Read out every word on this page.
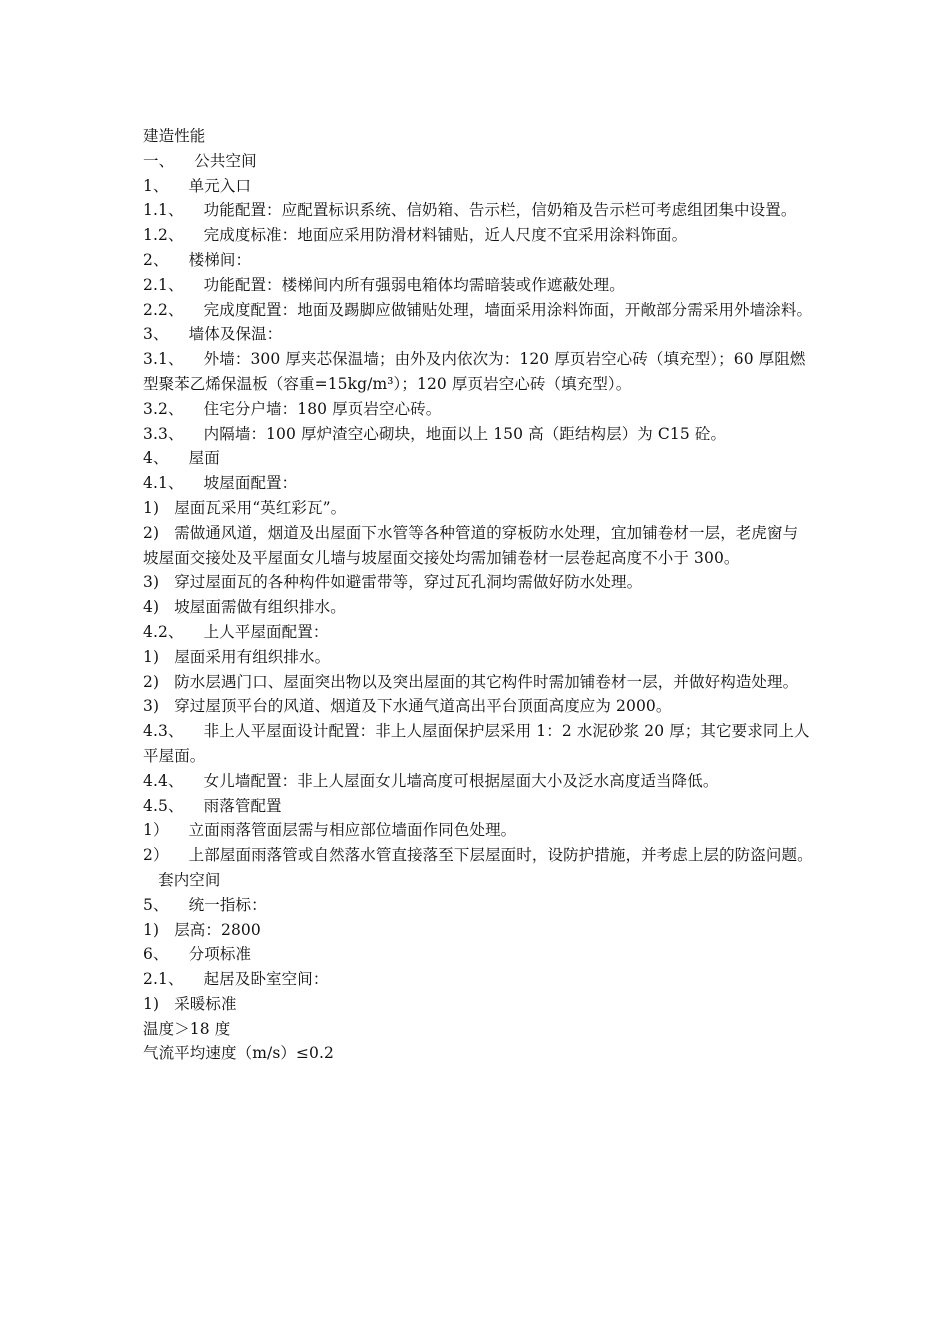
建造性能
一、    公共空间
1、    单元入口
1.1、    功能配置：应配置标识系统、信奶箱、告示栏，信奶箱及告示栏可考虑组团集中设置。
1.2、    完成度标准：地面应采用防滑材料铺贴，近人尺度不宜采用涂料饰面。
2、    楼梯间：
2.1、    功能配置：楼梯间内所有强弱电箱体均需暗装或作遮蔽处理。
2.2、    完成度配置：地面及踢脚应做铺贴处理，墙面采用涂料饰面，开敞部分需采用外墙涂料。
3、    墙体及保温：
3.1、    外墙：300 厚夹芯保温墙；由外及内依次为：120 厚页岩空心砖（填充型）；60 厚阻燃型聚苯乙烯保温板（容重=15kg/m³）；120 厚页岩空心砖（填充型）。
3.2、    住宅分户墙：180 厚页岩空心砖。
3.3、    内隔墙：100 厚炉渣空心砌块，地面以上 150 高（距结构层）为 C15 砼。
4、    屋面
4.1、    坡屋面配置：
1)   屋面瓦采用“英红彩瓦”。
2)   需做通风道，烟道及出屋面下水管等各种管道的穿板防水处理，宜加铺卷材一层，老虎窗与坡屋面交接处及平屋面女儿墙与坡屋面交接处均需加铺卷材一层卷起高度不小于 300。
3)   穿过屋面瓦的各种构件如避雷带等，穿过瓦孔洞均需做好防水处理。
4)   坡屋面需做有组织排水。
4.2、    上人平屋面配置：
1)   屋面采用有组织排水。
2)   防水层遇门口、屋面突出物以及突出屋面的其它构件时需加铺卷材一层，并做好构造处理。
3)   穿过屋顶平台的风道、烟道及下水通气道高出平台顶面高度应为 2000。
4.3、    非上人平屋面设计配置：非上人屋面保护层采用 1：2 水泥砂浆 20 厚；其它要求同上人平屋面。
4.4、    女儿墙配置：非上人屋面女儿墙高度可根据屋面大小及泛水高度适当降低。
4.5、    雨落管配置
1）    立面雨落管面层需与相应部位墙面作同色处理。
2）    上部屋面雨落管或自然落水管直接落至下层屋面时，设防护措施，并考虑上层的防盗问题。
套内空间
5、    统一指标：
1)   层高：2800
6、    分项标准
2.1、    起居及卧室空间：
1)   采暖标准
温度＞18 度
气流平均速度（m/s）≤0.2
